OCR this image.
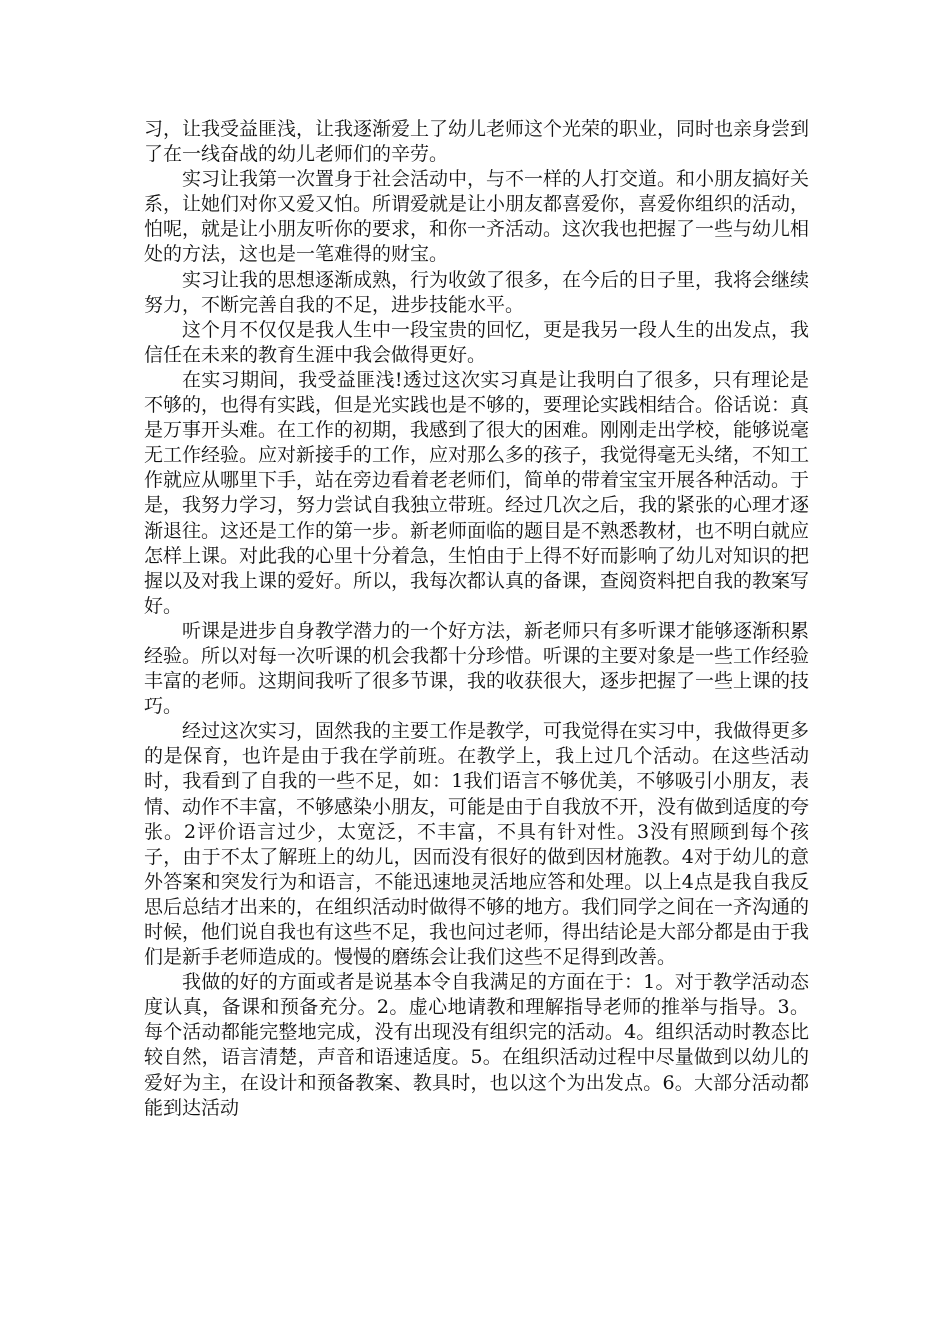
习，让我受益匪浅，让我逐渐爱上了幼儿老师这个光荣的职业，同时也亲身尝到了在一线奋战的幼儿老师们的辛劳。

实习让我第一次置身于社会活动中，与不一样的人打交道。和小朋友搞好关系，让她们对你又爱又怕。所谓爱就是让小朋友都喜爱你，喜爱你组织的活动，怕呢，就是让小朋友听你的要求，和你一齐活动。这次我也把握了一些与幼儿相处的方法，这也是一笔难得的财宝。

实习让我的思想逐渐成熟，行为收敛了很多，在今后的日子里，我将会继续努力，不断完善自我的不足，进步技能水平。

这个月不仅仅是我人生中一段宝贵的回忆，更是我另一段人生的出发点，我信任在未来的教育生涯中我会做得更好。

在实习期间，我受益匪浅!透过这次实习真是让我明白了很多，只有理论是不够的，也得有实践，但是光实践也是不够的，要理论实践相结合。俗话说：真是万事开头难。在工作的初期，我感到了很大的困难。刚刚走出学校，能够说毫无工作经验。应对新接手的工作，应对那么多的孩子，我觉得毫无头绪，不知工作就应从哪里下手，站在旁边看着老老师们，简单的带着宝宝开展各种活动。于是，我努力学习，努力尝试自我独立带班。经过几次之后，我的紧张的心理才逐渐退往。这还是工作的第一步。新老师面临的题目是不熟悉教材，也不明白就应怎样上课。对此我的心里十分着急，生怕由于上得不好而影响了幼儿对知识的把握以及对我上课的爱好。所以，我每次都认真的备课，查阅资料把自我的教案写好。

听课是进步自身教学潜力的一个好方法，新老师只有多听课才能够逐渐积累经验。所以对每一次听课的机会我都十分珍惜。听课的主要对象是一些工作经验丰富的老师。这期间我听了很多节课，我的收获很大，逐步把握了一些上课的技巧。

经过这次实习，固然我的主要工作是教学，可我觉得在实习中，我做得更多的是保育，也许是由于我在学前班。在教学上，我上过几个活动。在这些活动时，我看到了自我的一些不足，如：1我们语言不够优美，不够吸引小朋友，表情、动作不丰富，不够感染小朋友，可能是由于自我放不开，没有做到适度的夸张。2评价语言过少，太宽泛，不丰富，不具有针对性。3没有照顾到每个孩子，由于不太了解班上的幼儿，因而没有很好的做到因材施教。4对于幼儿的意外答案和突发行为和语言，不能迅速地灵活地应答和处理。以上4点是我自我反思后总结才出来的，在组织活动时做得不够的地方。我们同学之间在一齐沟通的时候，他们说自我也有这些不足，我也问过老师，得出结论是大部分都是由于我们是新手老师造成的。慢慢的磨练会让我们这些不足得到改善。

我做的好的方面或者是说基本令自我满足的方面在于：1。对于教学活动态度认真，备课和预备充分。2。虚心地请教和理解指导老师的推举与指导。3。每个活动都能完整地完成，没有出现没有组织完的活动。4。组织活动时教态比较自然，语言清楚，声音和语速适度。5。在组织活动过程中尽量做到以幼儿的爱好为主，在设计和预备教案、教具时，也以这个为出发点。6。大部分活动都能到达活动
